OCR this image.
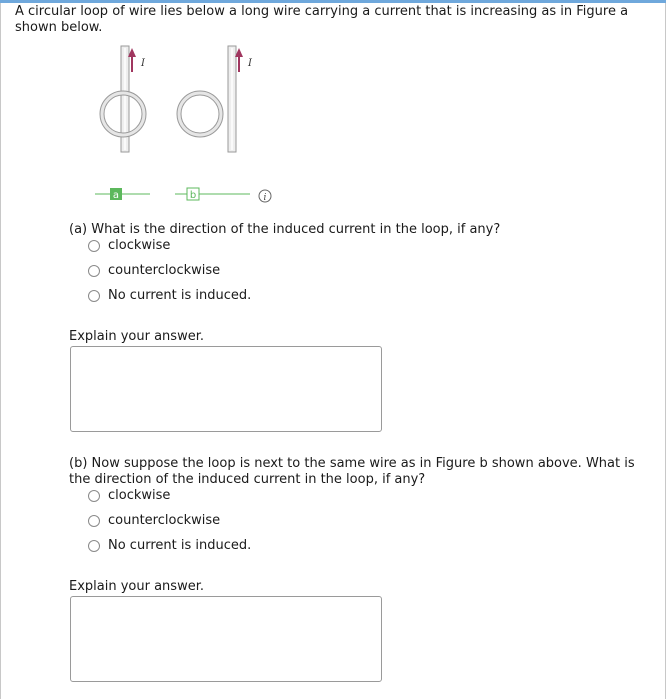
A circular loop of wire lies below a long wire carrying a current that is increasing as in Figure a shown below.
I	I
a	b	i
(a) What is the direction of the induced current in the loop, if any?
clockwise
counterclockwise
No current is induced.
Explain your answer.
(b) Now suppose the loop is next to the same wire as in Figure b shown above. What is the direction of the induced current in the loop, if any?
clockwise
counterclockwise
No current is induced.
Explain your answer.
